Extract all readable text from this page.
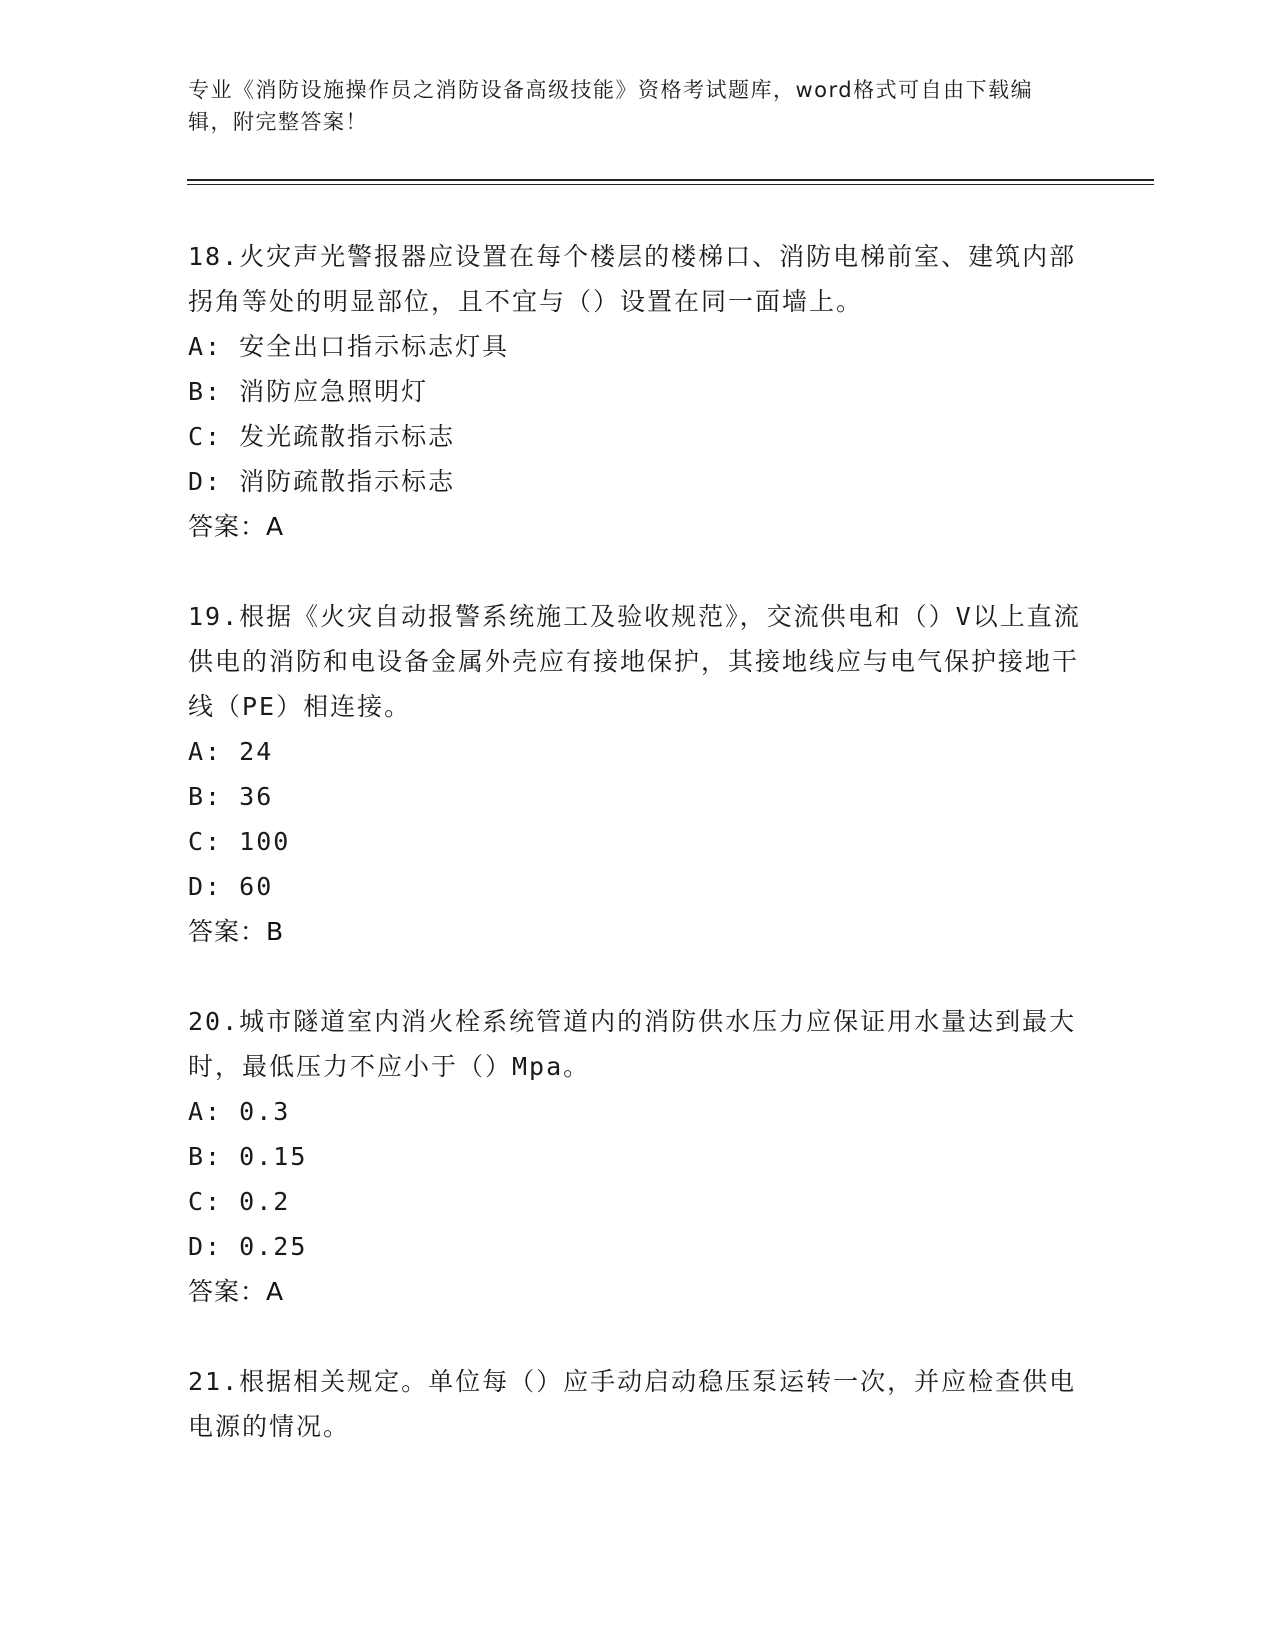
专业《消防设施操作员之消防设备高级技能》资格考试题库，word格式可自由下载编辑，附完整答案！

18.火灾声光警报器应设置在每个楼层的楼梯口、消防电梯前室、建筑内部拐角等处的明显部位，且不宜与（）设置在同一面墙上。

A: 安全出口指示标志灯具

B: 消防应急照明灯

C: 发光疏散指示标志

D: 消防疏散指示标志

答案：A

19.根据《火灾自动报警系统施工及验收规范》，交流供电和（）V以上直流供电的消防和电设备金属外壳应有接地保护，其接地线应与电气保护接地干线（PE）相连接。

A: 24

B: 36

C: 100

D: 60

答案：B

20.城市隧道室内消火栓系统管道内的消防供水压力应保证用水量达到最大时，最低压力不应小于（）Mpa。

A: 0.3

B: 0.15

C: 0.2

D: 0.25

答案：A

21.根据相关规定。单位每（）应手动启动稳压泵运转一次，并应检查供电电源的情况。
